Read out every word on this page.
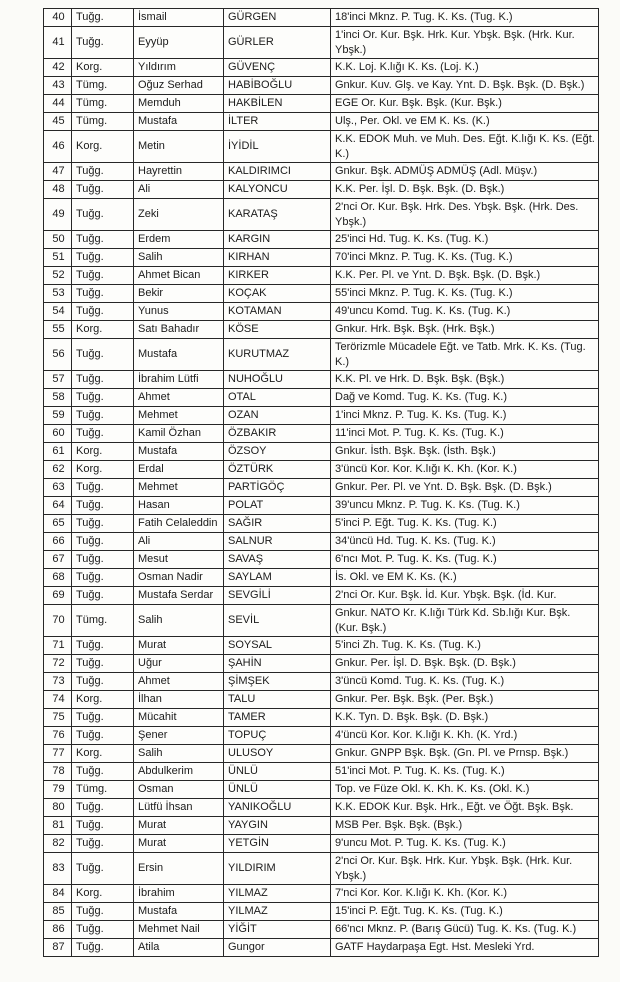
40	Tuğg.	İsmail	GÜRGEN	18'inci Mknz. P. Tug. K. Ks. (Tug. K.)
41	Tuğg.	Eyyüp	GÜRLER	1'inci Or. Kur. Bşk. Hrk. Kur. Ybşk. Bşk. (Hrk. Kur. Ybşk.)
42	Korg.	Yıldırım	GÜVENÇ	K.K. Loj. K.lığı K. Ks. (Loj. K.)
43	Tümg.	Oğuz Serhad	HABİBOĞLU	Gnkur. Kuv. Glş. ve Kay. Ynt. D. Bşk. Bşk. (D. Bşk.)
44	Tümg.	Memduh	HAKBİLEN	EGE Or. Kur. Bşk. Bşk. (Kur. Bşk.)
45	Tümg.	Mustafa	İLTER	Ulş., Per. Okl. ve EM K. Ks. (K.)
46	Korg.	Metin	İYİDİL	K.K. EDOK Muh. ve Muh. Des. Eğt. K.lığı K. Ks. (Eğt. K.)
47	Tuğg.	Hayrettin	KALDIRIMCI	Gnkur. Bşk. ADMÜŞ ADMÜŞ (Adl. Müşv.)
48	Tuğg.	Ali	KALYONCU	K.K. Per. İşl. D. Bşk. Bşk. (D. Bşk.)
49	Tuğg.	Zeki	KARATAŞ	2'nci Or. Kur. Bşk. Hrk. Des. Ybşk. Bşk. (Hrk. Des. Ybşk.)
50	Tuğg.	Erdem	KARGIN	25'inci Hd. Tug. K. Ks. (Tug. K.)
51	Tuğg.	Salih	KIRHAN	70'inci Mknz. P. Tug. K. Ks. (Tug. K.)
52	Tuğg.	Ahmet Bican	KIRKER	K.K. Per. Pl. ve Ynt. D. Bşk. Bşk. (D. Bşk.)
53	Tuğg.	Bekir	KOÇAK	55'inci Mknz. P. Tug. K. Ks. (Tug. K.)
54	Tuğg.	Yunus	KOTAMAN	49'uncu Komd. Tug. K. Ks. (Tug. K.)
55	Korg.	Satı Bahadır	KÖSE	Gnkur. Hrk. Bşk. Bşk. (Hrk. Bşk.)
56	Tuğg.	Mustafa	KURUTMAZ	Terörizmle Mücadele Eğt. ve Tatb. Mrk. K. Ks. (Tug. K.)
57	Tuğg.	İbrahim Lütfi	NUHOĞLU	K.K. Pl. ve Hrk. D. Bşk. Bşk. (Bşk.)
58	Tuğg.	Ahmet	OTAL	Dağ ve Komd. Tug. K. Ks. (Tug. K.)
59	Tuğg.	Mehmet	OZAN	1'inci Mknz. P. Tug. K. Ks. (Tug. K.)
60	Tuğg.	Kamil Özhan	ÖZBAKIR	11'inci Mot. P. Tug. K. Ks. (Tug. K.)
61	Korg.	Mustafa	ÖZSOY	Gnkur. İsth. Bşk. Bşk. (İsth. Bşk.)
62	Korg.	Erdal	ÖZTÜRK	3'üncü Kor. Kor. K.lığı K. Kh. (Kor. K.)
63	Tuğg.	Mehmet	PARTİGÖÇ	Gnkur. Per. Pl. ve Ynt. D. Bşk. Bşk. (D. Bşk.)
64	Tuğg.	Hasan	POLAT	39'uncu Mknz. P. Tug. K. Ks. (Tug. K.)
65	Tuğg.	Fatih Celaleddin	SAĞIR	5'inci P. Eğt. Tug. K. Ks. (Tug. K.)
66	Tuğg.	Ali	SALNUR	34'üncü Hd. Tug. K. Ks. (Tug. K.)
67	Tuğg.	Mesut	SAVAŞ	6'ncı Mot. P. Tug. K. Ks. (Tug. K.)
68	Tuğg.	Osman Nadir	SAYLAM	İs. Okl. ve EM K. Ks. (K.)
69	Tuğg.	Mustafa Serdar	SEVGİLİ	2'nci Or. Kur. Bşk. İd. Kur. Ybşk. Bşk. (İd. Kur.
70	Tümg.	Salih	SEVİL	Gnkur. NATO Kr. K.lığı Türk Kd. Sb.lığı Kur. Bşk. (Kur. Bşk.)
71	Tuğg.	Murat	SOYSAL	5'inci Zh. Tug. K. Ks. (Tug. K.)
72	Tuğg.	Uğur	ŞAHİN	Gnkur. Per. İşl. D. Bşk. Bşk. (D. Bşk.)
73	Tuğg.	Ahmet	ŞİMŞEK	3'üncü Komd. Tug. K. Ks. (Tug. K.)
74	Korg.	İlhan	TALU	Gnkur. Per. Bşk. Bşk. (Per. Bşk.)
75	Tuğg.	Mücahit	TAMER	K.K. Tyn. D. Bşk. Bşk. (D. Bşk.)
76	Tuğg.	Şener	TOPUÇ	4'üncü Kor. Kor. K.lığı K. Kh. (K. Yrd.)
77	Korg.	Salih	ULUSOY	Gnkur. GNPP Bşk. Bşk. (Gn. Pl. ve Prnsp. Bşk.)
78	Tuğg.	Abdulkerim	ÜNLÜ	51'inci Mot. P. Tug. K. Ks. (Tug. K.)
79	Tümg.	Osman	ÜNLÜ	Top. ve Füze Okl. K. Kh. K. Ks. (Okl. K.)
80	Tuğg.	Lütfü İhsan	YANIKOĞLU	K.K. EDOK Kur. Bşk. Hrk., Eğt. ve Öğt. Bşk. Bşk.
81	Tuğg.	Murat	YAYGIN	MSB Per. Bşk. Bşk. (Bşk.)
82	Tuğg.	Murat	YETGİN	9'uncu Mot. P. Tug. K. Ks. (Tug. K.)
83	Tuğg.	Ersin	YILDIRIM	2'nci Or. Kur. Bşk. Hrk. Kur. Ybşk. Bşk. (Hrk. Kur. Ybşk.)
84	Korg.	İbrahim	YILMAZ	7'nci Kor. Kor. K.lığı K. Kh. (Kor. K.)
85	Tuğg.	Mustafa	YILMAZ	15'inci P. Eğt. Tug. K. Ks. (Tug. K.)
86	Tuğg.	Mehmet Nail	YİĞİT	66'ncı Mknz. P. (Barış Gücü) Tug. K. Ks. (Tug. K.)
87	Tuğg.	Atila	Gungor	GATF Haydarpaşa Egt. Hst. Mesleki Yrd.
